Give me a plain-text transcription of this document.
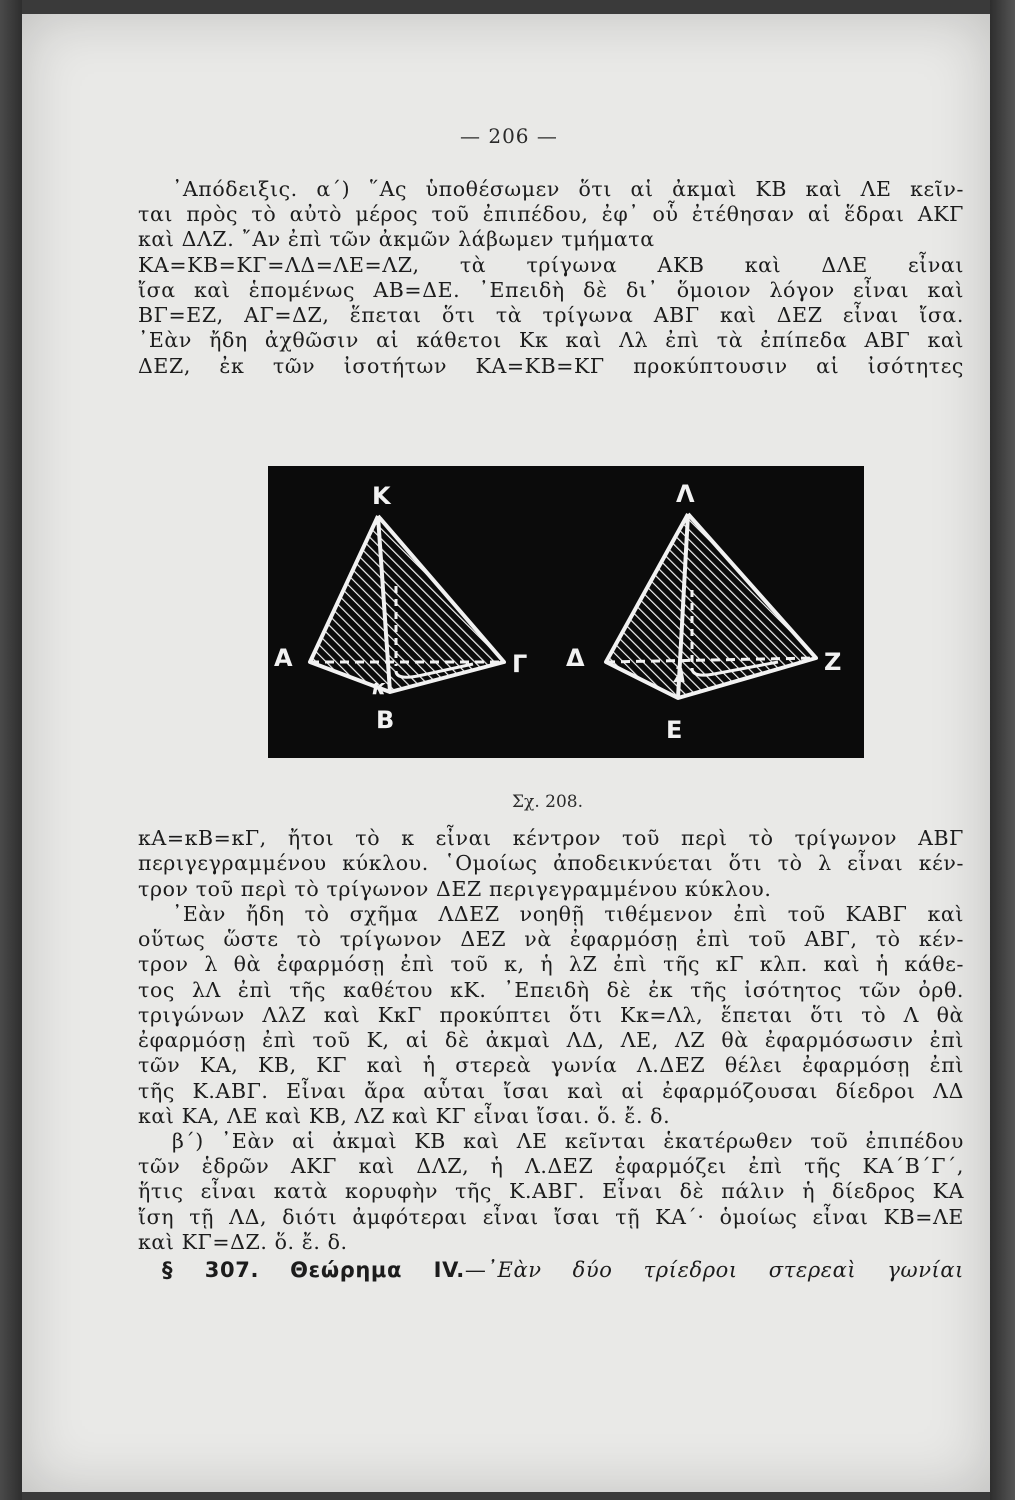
— 206 —
᾿Απόδειξις. α΄) ῞Ας ὑποθέσωμεν ὅτι αἱ ἀκμαὶ ΚΒ καὶ ΛΕ κεῖν-
ται πρὸς τὸ αὐτὸ μέρος τοῦ ἐπιπέδου, ἐφ᾿ οὗ ἐτέθησαν αἱ ἕδραι ΑΚΓ
καὶ ΔΛΖ. ῎Αν ἐπὶ τῶν ἀκμῶν λάβωμεν τμήματα
ΚΑ=ΚΒ=ΚΓ=ΛΔ=ΛΕ=ΛΖ, τὰ τρίγωνα ΑΚΒ καὶ ΔΛΕ εἶναι
ἴσα καὶ ἑπομένως ΑΒ=ΔΕ. ᾿Επειδὴ δὲ δι᾿ ὅμοιον λόγον εἶναι καὶ
ΒΓ=ΕΖ, ΑΓ=ΔΖ, ἕπεται ὅτι τὰ τρίγωνα ΑΒΓ καὶ ΔΕΖ εἶναι ἴσα.
᾿Εὰν ἤδη ἀχθῶσιν αἱ κάθετοι Κκ καὶ Λλ ἐπὶ τὰ ἐπίπεδα ΑΒΓ καὶ
ΔΕΖ, ἐκ τῶν ἰσοτήτων ΚΑ=ΚΒ=ΚΓ προκύπτουσιν αἱ ἰσότητες
Κ
Α	Γ
Β
κ
Λ
Δ	Ζ
Ε
λ
Σχ. 208.
κΑ=κΒ=κΓ, ἤτοι τὸ κ εἶναι κέντρον τοῦ περὶ τὸ τρίγωνον ΑΒΓ
περιγεγραμμένου κύκλου. ῾Ομοίως ἀποδεικνύεται ὅτι τὸ λ εἶναι κέν-
τρον τοῦ περὶ τὸ τρίγωνον ΔΕΖ περιγεγραμμένου κύκλου.
᾿Εὰν ἤδη τὸ σχῆμα ΛΔΕΖ νοηθῇ τιθέμενον ἐπὶ τοῦ ΚΑΒΓ καὶ
οὕτως ὥστε τὸ τρίγωνον ΔΕΖ νὰ ἐφαρμόσῃ ἐπὶ τοῦ ΑΒΓ, τὸ κέν-
τρον λ θὰ ἐφαρμόσῃ ἐπὶ τοῦ κ, ἡ λΖ ἐπὶ τῆς κΓ κλπ. καὶ ἡ κάθε-
τος λΛ ἐπὶ τῆς καθέτου κΚ. ᾿Επειδὴ δὲ ἐκ τῆς ἰσότητος τῶν ὀρθ.
τριγώνων ΛλΖ καὶ ΚκΓ προκύπτει ὅτι Κκ=Λλ, ἕπεται ὅτι τὸ Λ θὰ
ἐφαρμόσῃ ἐπὶ τοῦ Κ, αἱ δὲ ἀκμαὶ ΛΔ, ΛΕ, ΛΖ θὰ ἐφαρμόσωσιν ἐπὶ
τῶν ΚΑ, ΚΒ, ΚΓ καὶ ἡ στερεὰ γωνία Λ.ΔΕΖ θέλει ἐφαρμόσῃ ἐπὶ
τῆς Κ.ΑΒΓ. Εἶναι ἄρα αὗται ἴσαι καὶ αἱ ἐφαρμόζουσαι δίεδροι ΛΔ
καὶ ΚΑ, ΛΕ καὶ ΚΒ, ΛΖ καὶ ΚΓ εἶναι ἴσαι. ὅ. ἔ. δ.
β΄) ᾿Εὰν αἱ ἀκμαὶ ΚΒ καὶ ΛΕ κεῖνται ἑκατέρωθεν τοῦ ἐπιπέδου
τῶν ἑδρῶν ΑΚΓ καὶ ΔΛΖ, ἡ Λ.ΔΕΖ ἐφαρμόζει ἐπὶ τῆς ΚΑ΄Β΄Γ΄,
ἥτις εἶναι κατὰ κορυφὴν τῆς Κ.ΑΒΓ. Εἶναι δὲ πάλιν ἡ δίεδρος ΚΑ
ἴση τῇ ΛΔ, διότι ἀμφότεραι εἶναι ἴσαι τῇ ΚΑ΄· ὁμοίως εἶναι ΚΒ=ΛΕ
καὶ ΚΓ=ΔΖ. ὅ. ἔ. δ.
§ 307. Θεώρημα IV.—᾿Εὰν δύο τρίεδροι στερεαὶ γωνίαι
